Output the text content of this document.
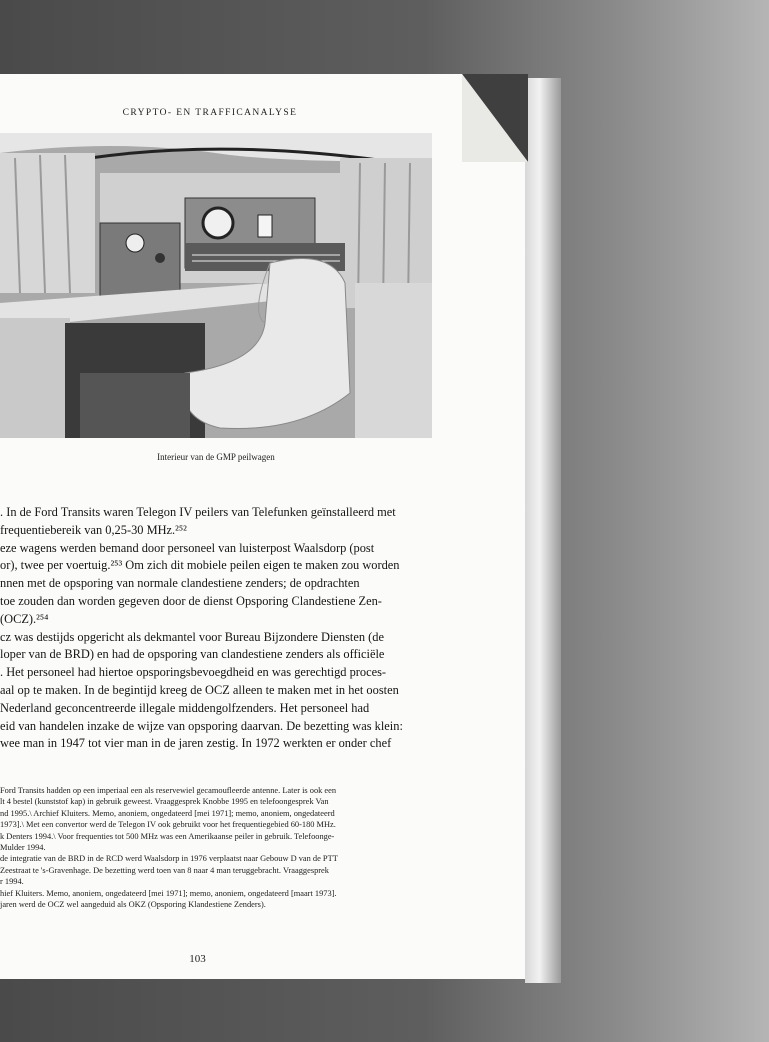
CRYPTO- EN TRAFFICANALYSE
Interieur van de GMP peilwagen
. In de Ford Transits waren Telegon IV peilers van Telefunken geïnstalleerd met
frequentiebereik van 0,25-30 MHz.²⁵²
eze wagens werden bemand door personeel van luisterpost Waalsdorp (post
or), twee per voertuig.²⁵³ Om zich dit mobiele peilen eigen te maken zou worden
nnen met de opsporing van normale clandestiene zenders; de opdrachten
toe zouden dan worden gegeven door de dienst Opsporing Clandestiene Zen-
(OCZ).²⁵⁴
cz was destijds opgericht als dekmantel voor Bureau Bijzondere Diensten (de
loper van de BRD) en had de opsporing van clandestiene zenders als officiële
. Het personeel had hiertoe opsporingsbevoegdheid en was gerechtigd proces-
aal op te maken. In de begintijd kreeg de OCZ alleen te maken met in het oosten
Nederland geconcentreerde illegale middengolfzenders. Het personeel had
eid van handelen inzake de wijze van opsporing daarvan. De bezetting was klein:
wee man in 1947 tot vier man in de jaren zestig. In 1972 werkten er onder chef
Ford Transits hadden op een imperiaal een als reservewiel gecamoufleerde antenne. Later is ook een
lt 4 bestel (kunststof kap) in gebruik geweest. Vraaggesprek Knobbe 1995 en telefoongesprek Van
nd 1995.\ Archief Kluiters. Memo, anoniem, ongedateerd [mei 1971]; memo, anoniem, ongedateerd
1973].\ Met een convertor werd de Telegon IV ook gebruikt voor het frequentiegebied 60-180 MHz.
k Denters 1994.\ Voor frequenties tot 500 MHz was een Amerikaanse peiler in gebruik. Telefoonge-
Mulder 1994.
de integratie van de BRD in de RCD werd Waalsdorp in 1976 verplaatst naar Gebouw D van de PTT
Zeestraat te 's-Gravenhage. De bezetting werd toen van 8 naar 4 man teruggebracht. Vraaggesprek
r 1994.
hief Kluiters. Memo, anoniem, ongedateerd [mei 1971]; memo, anoniem, ongedateerd [maart 1973].
jaren werd de OCZ wel aangeduid als OKZ (Opsporing Klandestiene Zenders).
103
